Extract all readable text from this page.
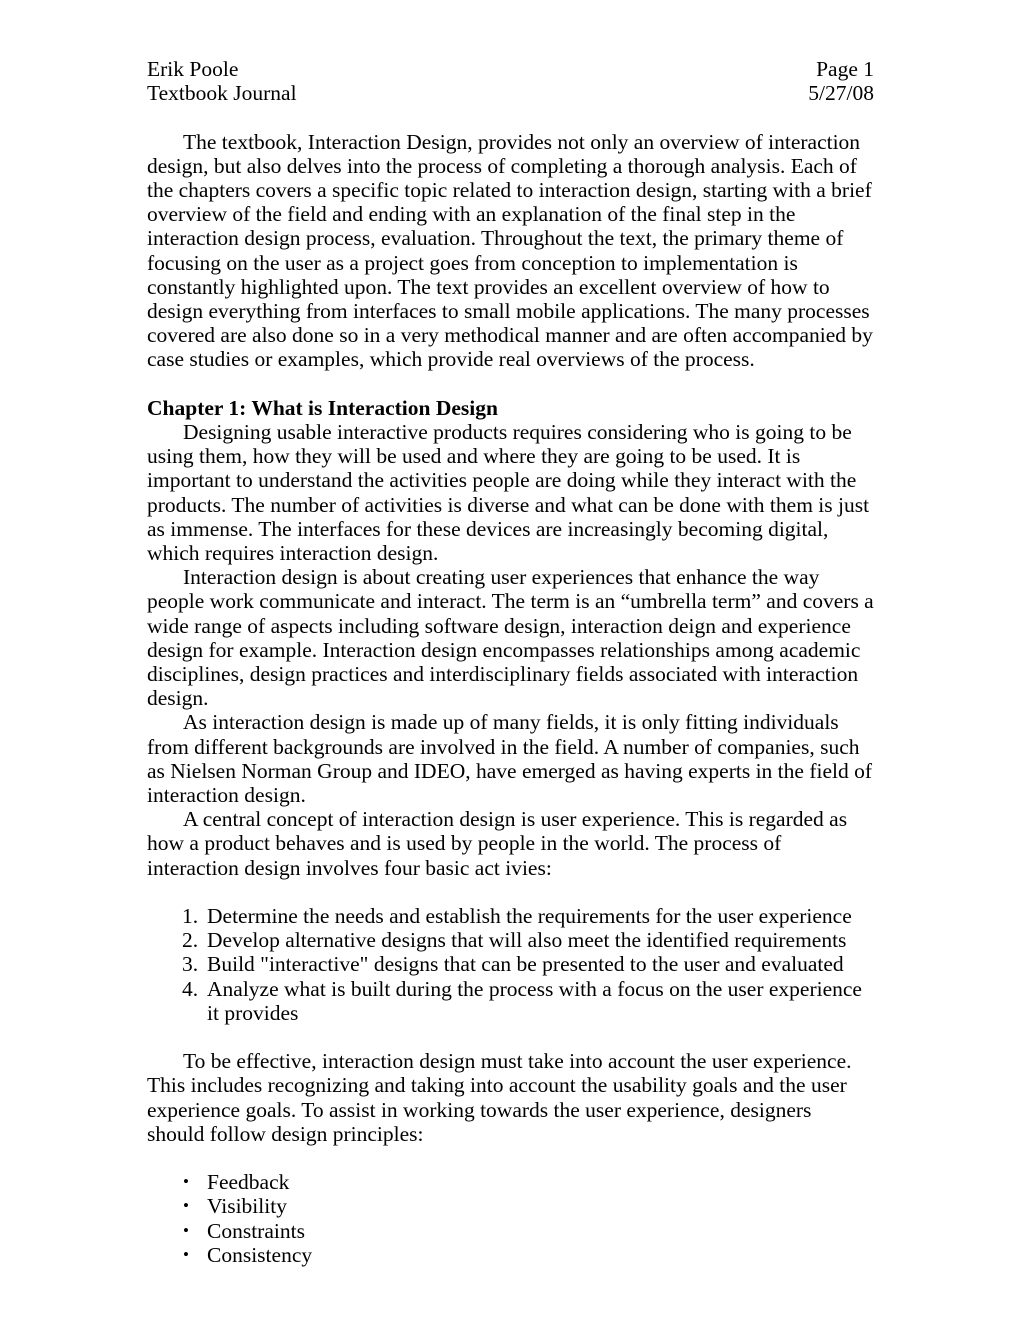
Erik Poole	Page 1
Textbook Journal	5/27/08

The textbook, Interaction Design, provides not only an overview of interaction design, but also delves into the process of completing a thorough analysis. Each of the chapters covers a specific topic related to interaction design, starting with a brief overview of the field and ending with an explanation of the final step in the interaction design process, evaluation. Throughout the text, the primary theme of focusing on the user as a project goes from conception to implementation is constantly highlighted upon. The text provides an excellent overview of how to design everything from interfaces to small mobile applications. The many processes covered are also done so in a very methodical manner and are often accompanied by case studies or examples, which provide real overviews of the process.

Chapter 1: What is Interaction Design

Designing usable interactive products requires considering who is going to be using them, how they will be used and where they are going to be used. It is important to understand the activities people are doing while they interact with the products. The number of activities is diverse and what can be done with them is just as immense. The interfaces for these devices are increasingly becoming digital, which requires interaction design.

Interaction design is about creating user experiences that enhance the way people work communicate and interact. The term is an “umbrella term” and covers a wide range of aspects including software design, interaction deign and experience design for example. Interaction design encompasses relationships among academic disciplines, design practices and interdisciplinary fields associated with interaction design.

As interaction design is made up of many fields, it is only fitting individuals from different backgrounds are involved in the field. A number of companies, such as Nielsen Norman Group and IDEO, have emerged as having experts in the field of interaction design.

A central concept of interaction design is user experience. This is regarded as how a product behaves and is used by people in the world. The process of interaction design involves four basic act ivies:

1. Determine the needs and establish the requirements for the user experience
2. Develop alternative designs that will also meet the identified requirements
3. Build "interactive" designs that can be presented to the user and evaluated
4. Analyze what is built during the process with a focus on the user experience it provides

To be effective, interaction design must take into account the user experience. This includes recognizing and taking into account the usability goals and the user experience goals. To assist in working towards the user experience, designers should follow design principles:

• Feedback
• Visibility
• Constraints
• Consistency
